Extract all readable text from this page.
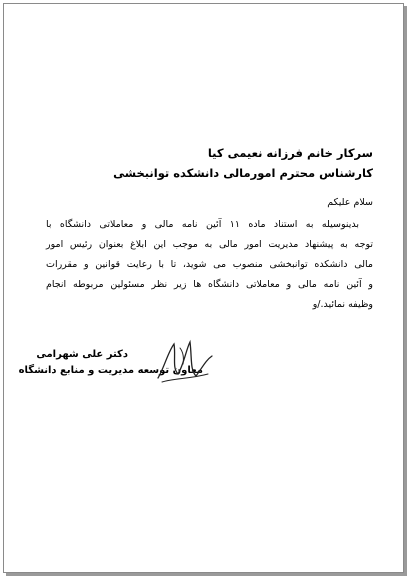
سرکار خانم فرزانه نعیمی کیا
کارشناس محترم امورمالی دانشکده توانبخشی
سلام علیکم
بدینوسیله به استناد ماده ۱۱ آئین نامه مالی و معاملاتی دانشگاه با
توجه به پیشنهاد مدیریت امور مالی به موجب این ابلاغ بعنوان رئیس امور
مالی دانشکده توانبخشی منصوب می شوید، تا با رعایت قوانین و مقررات
و آئین نامه مالی و معاملاتی دانشگاه ها زیر نظر مسئولین مربوطه انجام
وظیفه نمائید./و
دکتر علی شهرامی
معاون توسعه مدیریت و منابع دانشگاه
